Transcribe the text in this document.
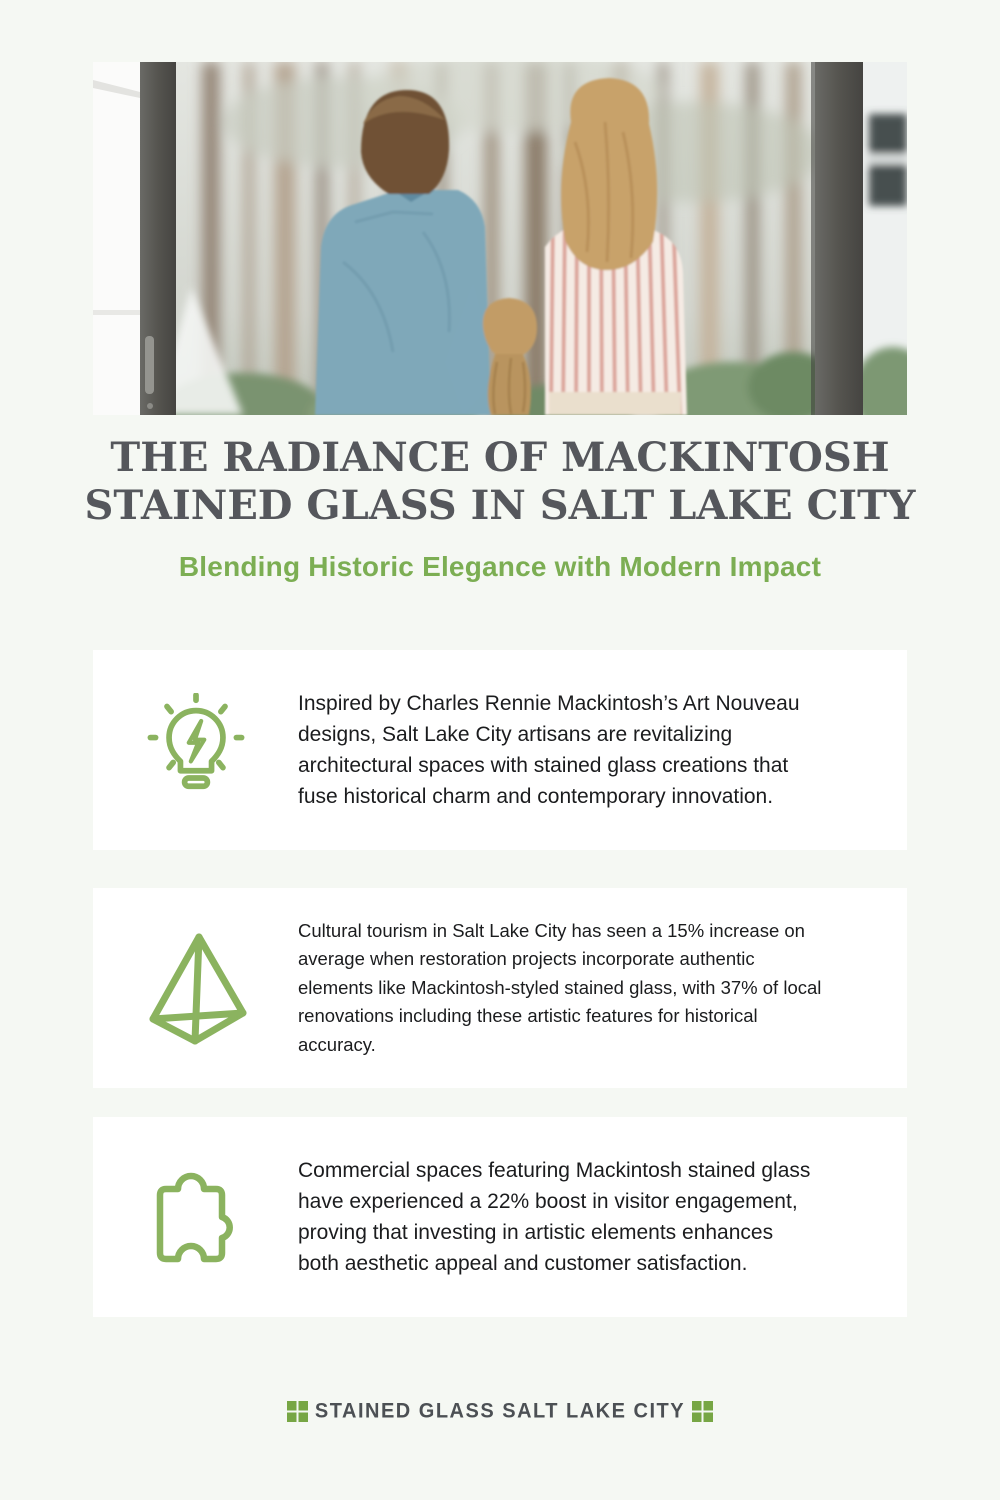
THE RADIANCE OF MACKINTOSH
STAINED GLASS IN SALT LAKE CITY
Blending Historic Elegance with Modern Impact
Inspired by Charles Rennie Mackintosh’s Art Nouveau designs, Salt Lake City artisans are revitalizing architectural spaces with stained glass creations that fuse historical charm and contemporary innovation.
Cultural tourism in Salt Lake City has seen a 15% increase on average when restoration projects incorporate authentic elements like Mackintosh-styled stained glass, with 37% of local renovations including these artistic features for historical accuracy.
Commercial spaces featuring Mackintosh stained glass have experienced a 22% boost in visitor engagement, proving that investing in artistic elements enhances both aesthetic appeal and customer satisfaction.
STAINED GLASS SALT LAKE CITY
